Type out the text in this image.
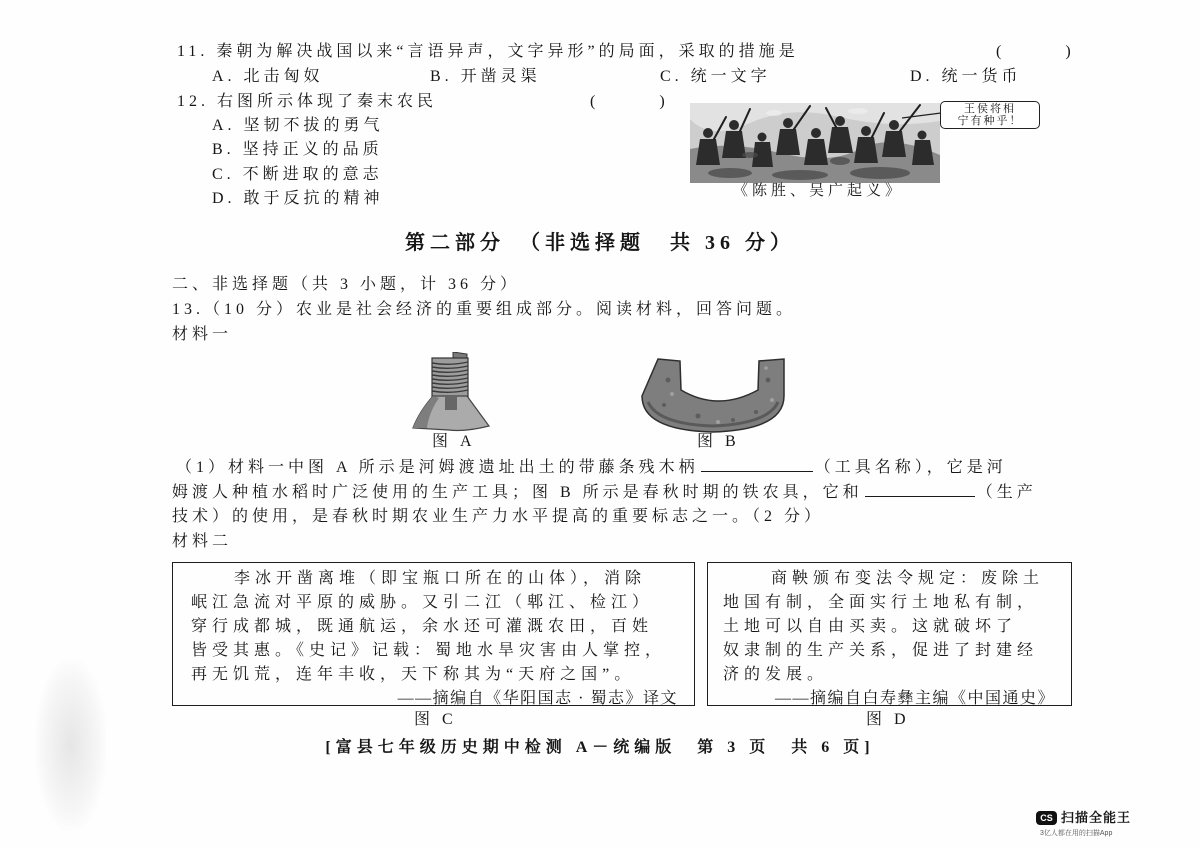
11. 秦朝为解决战国以来“言语异声，文字异形”的局面，采取的措施是	(　　　)
A. 北击匈奴	B. 开凿灵渠	C. 统一文字	D. 统一货币
12. 右图所示体现了秦末农民	(　　　)
A. 坚韧不拔的勇气
B. 坚持正义的品质
C. 不断进取的意志
D. 敢于反抗的精神
王侯将相
宁有种乎！
《陈胜、吴广起义》
第二部分　（非选择题　共 36 分）
二、非选择题（共 3 小题，计 36 分）
13.（10 分）农业是社会经济的重要组成部分。阅读材料，回答问题。
材料一
图 A	图 B
（1）材料一中图 A 所示是河姆渡遗址出土的带藤条残木柄	（工具名称），它是河
姆渡人种植水稻时广泛使用的生产工具；图 B 所示是春秋时期的铁农具，它和	（生产
技术）的使用，是春秋时期农业生产力水平提高的重要标志之一。（2 分）
材料二
李冰开凿离堆（即宝瓶口所在的山体），消除
岷江急流对平原的威胁。又引二江（郫江、检江）
穿行成都城，既通航运，余水还可灌溉农田，百姓
皆受其惠。《史记》记载：蜀地水旱灾害由人掌控，
再无饥荒，连年丰收，天下称其为“天府之国”。
——摘编自《华阳国志 · 蜀志》译文
商鞅颁布变法令规定：废除土
地国有制，全面实行土地私有制，
土地可以自由买卖。这就破坏了
奴隶制的生产关系，促进了封建经
济的发展。
——摘编自白寿彝主编《中国通史》
图 C	图 D
[富县七年级历史期中检测 A－统编版　第 3 页　共 6 页]
CS 扫描全能王
3亿人都在用的扫描App
